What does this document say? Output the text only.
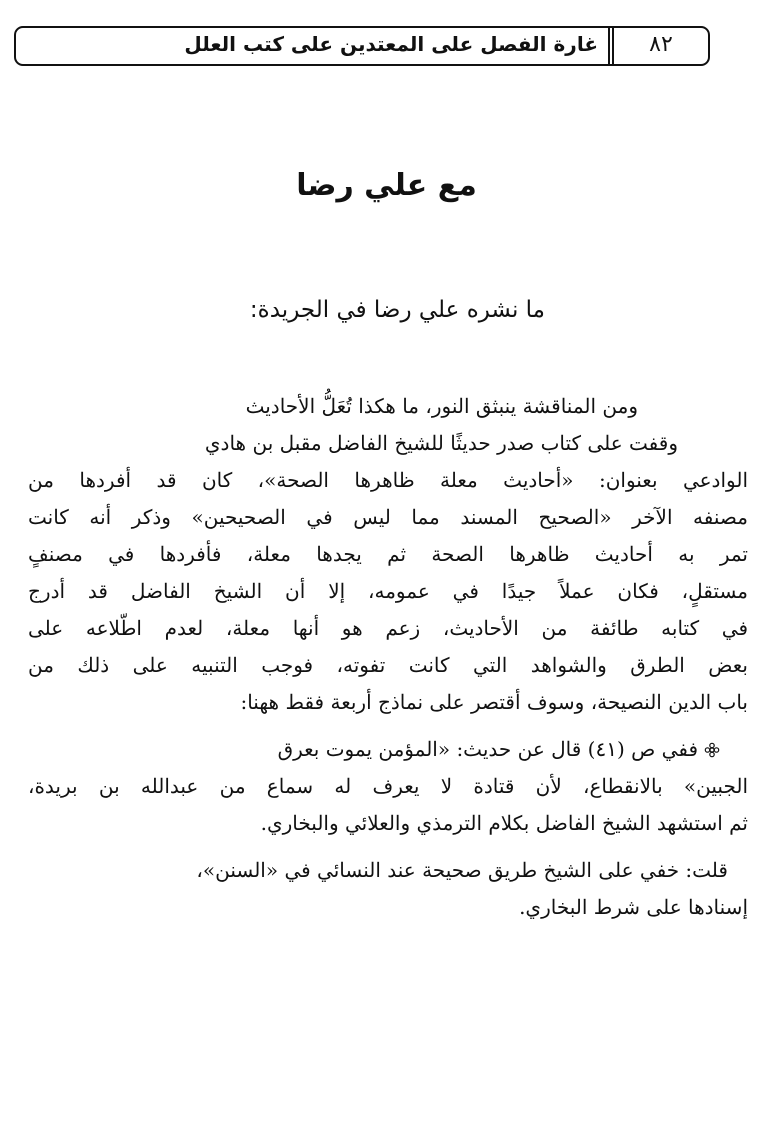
غارة الفصل على المعتدين على كتب العلل	٨٢
مع علي رضا
ما نشره علي رضا في الجريدة:
ومن المناقشة ينبثق النور، ما هكذا تُعَلُّ الأحاديث
وقفت على كتاب صدر حديثًا للشيخ الفاضل مقبل بن هادي
الوادعي بعنوان: «أحاديث معلة ظاهرها الصحة»، كان قد أفردها من
مصنفه الآخر «الصحيح المسند مما ليس في الصحيحين» وذكر أنه كانت
تمر به أحاديث ظاهرها الصحة ثم يجدها معلة، فأفردها في مصنفٍ
مستقلٍ، فكان عملاً جيدًا في عمومه، إلا أن الشيخ الفاضل قد أدرج
في كتابه طائفة من الأحاديث، زعم هو أنها معلة، لعدم اطّلاعه على
بعض الطرق والشواهد التي كانت تفوته، فوجب التنبيه على ذلك من
باب الدين النصيحة، وسوف أقتصر على نماذج أربعة فقط ههنا:
ففي ص (٤١) قال عن حديث: «المؤمن يموت بعرق
الجبين» بالانقطاع، لأن قتادة لا يعرف له سماع من عبدالله بن بريدة،
ثم استشهد الشيخ الفاضل بكلام الترمذي والعلائي والبخاري.
قلت: خفي على الشيخ طريق صحيحة عند النسائي في «السنن»،
إسنادها على شرط البخاري.
